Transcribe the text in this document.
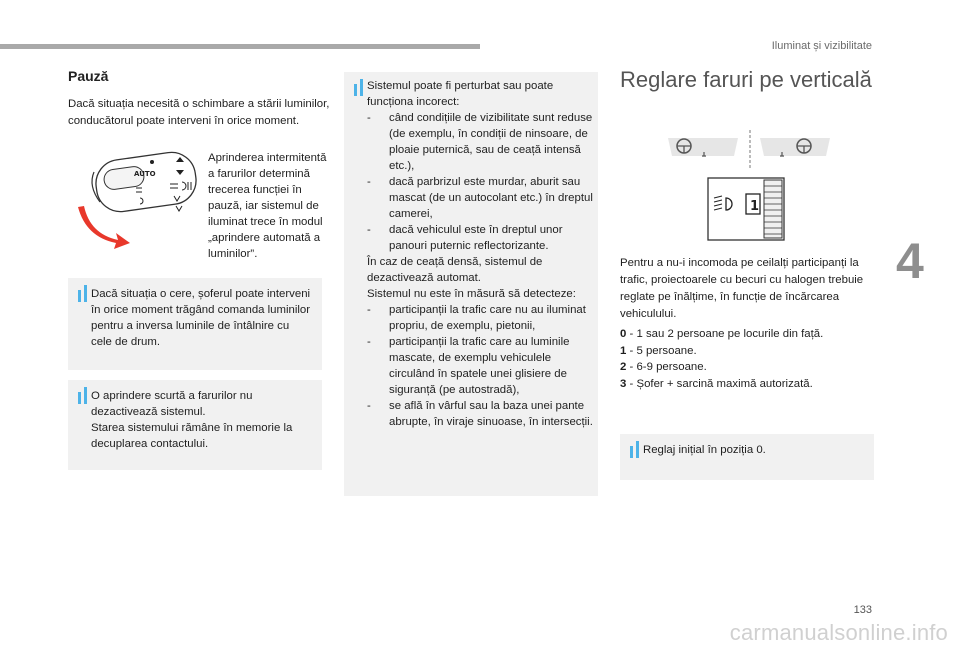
Iluminat și vizibilitate
4
Pauză
Dacă situația necesită o schimbare a stării luminilor, conducătorul poate interveni în orice moment.
AUTO
Aprinderea intermitentă a farurilor determină trecerea funcției în pauză, iar sistemul de iluminat trece în modul „aprindere automată a luminilor”.
Dacă situația o cere, șoferul poate interveni în orice moment trăgând comanda luminilor pentru a inversa luminile de întâlnire cu cele de drum.
O aprindere scurtă a farurilor nu dezactivează sistemul.
Starea sistemului rămâne în memorie la decuplarea contactului.
Sistemul poate fi perturbat sau poate funcționa incorect:
- când condițiile de vizibilitate sunt reduse (de exemplu, în condiții de ninsoare, de ploaie puternică, sau de ceață intensă etc.),
- dacă parbrizul este murdar, aburit sau mascat (de un autocolant etc.) în dreptul camerei,
- dacă vehiculul este în dreptul unor panouri puternic reflectorizante.
În caz de ceață densă, sistemul de dezactivează automat.
Sistemul nu este în măsură să detecteze:
- participanții la trafic care nu au iluminat propriu, de exemplu, pietonii,
- participanții la trafic care au luminile mascate, de exemplu vehiculele circulând în spatele unei glisiere de siguranță (pe autostradă),
- se află în vârful sau la baza unei pante abrupte, în viraje sinuoase, în intersecții.
Reglare faruri pe verticală
1
Pentru a nu-i incomoda pe ceilalți participanți la trafic, proiectoarele cu becuri cu halogen trebuie reglate pe înălțime, în funcție de încărcarea vehiculului.
0 - 1 sau 2 persoane pe locurile din față.
1 - 5 persoane.
2 - 6-9 persoane.
3 - Șofer + sarcină maximă autorizată.
Reglaj inițial în poziția 0.
133
carmanualsonline.info
